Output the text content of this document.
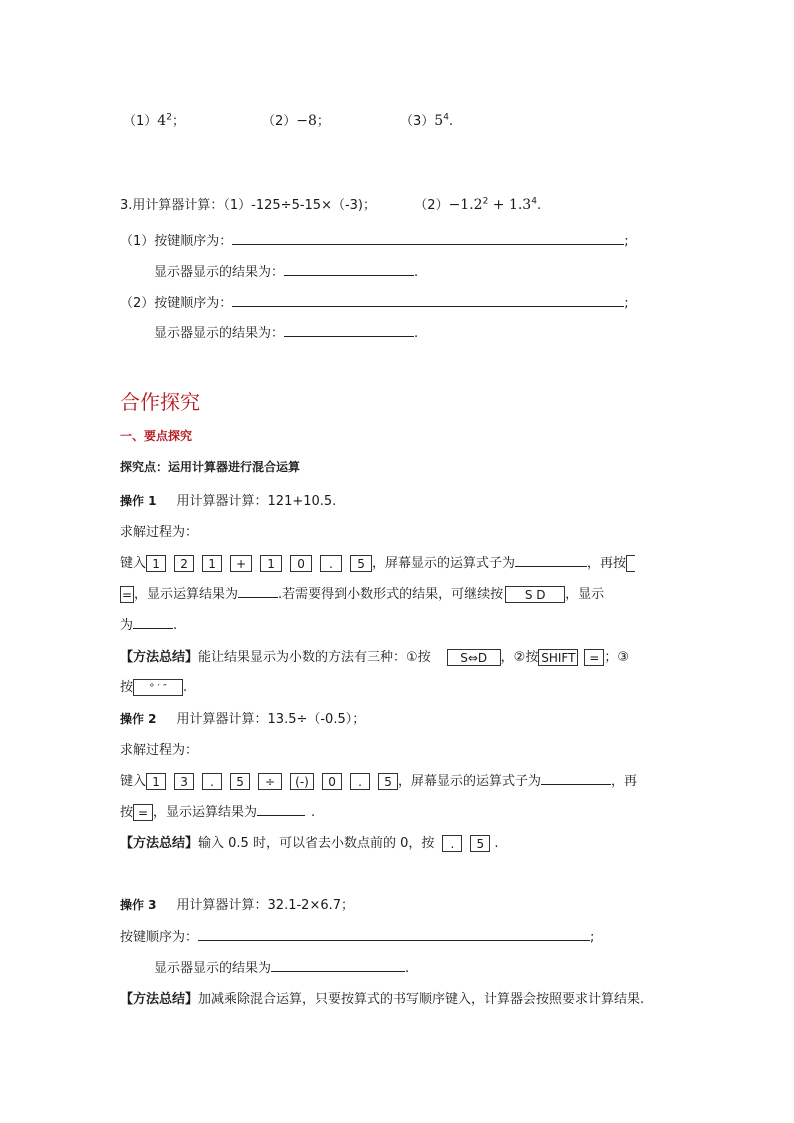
$(1)4^2$；	（2）−8；	$(3)5^4$.
3.用计算器计算：（1）-125÷5-15×（-3)；	$(2)-1.2^2 + 1.3^4$.
（1）按键顺序为：	;
显示器显示的结果为：	.
（2）按键顺序为：	;
显示器显示的结果为：	.
合作探究
一、要点探究
探究点：运用计算器进行混合运算
操作 1 用计算器计算：121+10.5.
求解过程为：
键入 1 2 1 + 1 0 . 5 ，屏幕显示的运算式子为	，再按
= ，显示运算结果为	.若需要得到小数形式的结果，可继续按 S D ，显示
为	.
【方法总结】能让结果显示为小数的方法有三种：①按 S⇔D ，②按 SHIFT = ；③
按 ° ′ ″ .
操作 2 用计算器计算：13.5÷（-0.5）；
求解过程为：
键入 1 3 . 5 ÷ (-) 0 . 5 ，屏幕显示的运算式子为	，再
按 = ，显示运算结果为	.
【方法总结】输入 0.5 时，可以省去小数点前的 0，按 . 5 .
操作 3 用计算器计算：32.1-2×6.7；
按键顺序为：	;
显示器显示的结果为	.
【方法总结】加减乘除混合运算，只要按算式的书写顺序键入，计算器会按照要求计算结果.
